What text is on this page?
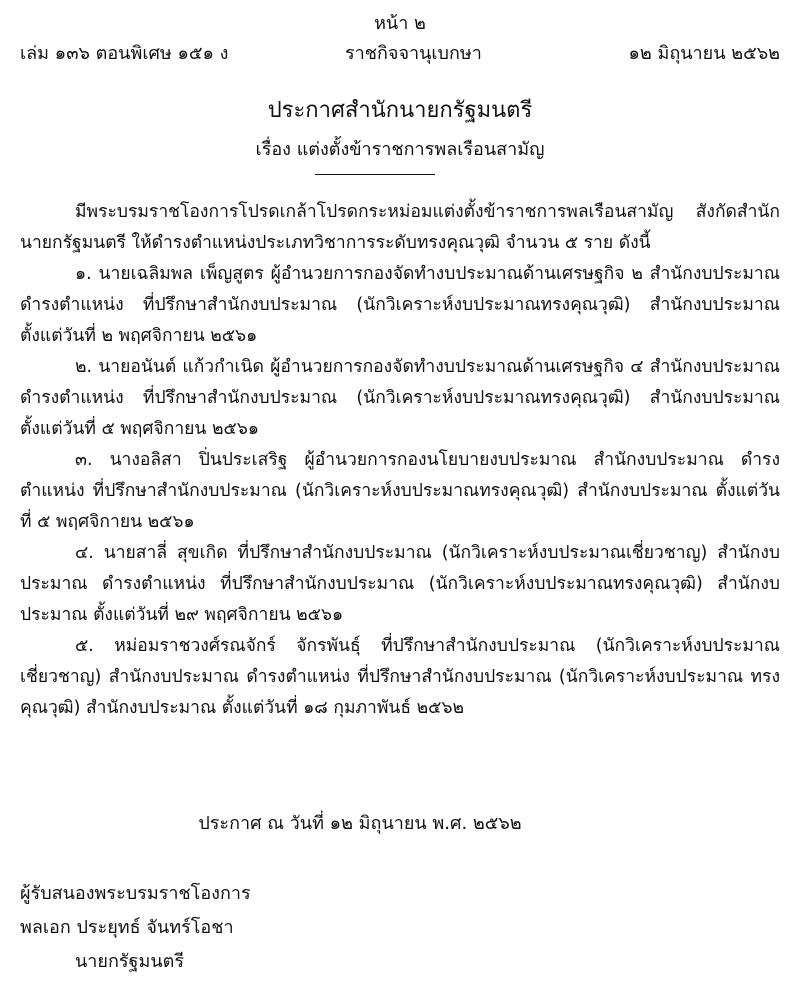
หน้า ๒
เล่ม ๑๓๖ ตอนพิเศษ ๑๕๑ ง	ราชกิจจานุเบกษา	๑๒ มิถุนายน ๒๕๖๒
ประกาศสำนักนายกรัฐมนตรี
เรื่อง แต่งตั้งข้าราชการพลเรือนสามัญ

มีพระบรมราชโองการโปรดเกล้าโปรดกระหม่อมแต่งตั้งข้าราชการพลเรือนสามัญ สังกัดสำนักนายกรัฐมนตรี ให้ดำรงตำแหน่งประเภทวิชาการระดับทรงคุณวุฒิ จำนวน ๕ ราย ดังนี้

๑. นายเฉลิมพล เพ็ญสูตร ผู้อำนวยการกองจัดทำงบประมาณด้านเศรษฐกิจ ๒ สำนักงบประมาณ ดำรงตำแหน่ง ที่ปรึกษาสำนักงบประมาณ (นักวิเคราะห์งบประมาณทรงคุณวุฒิ) สำนักงบประมาณ ตั้งแต่วันที่ ๒ พฤศจิกายน ๒๕๖๑

๒. นายอนันต์ แก้วกำเนิด ผู้อำนวยการกองจัดทำงบประมาณด้านเศรษฐกิจ ๔ สำนักงบประมาณ ดำรงตำแหน่ง ที่ปรึกษาสำนักงบประมาณ (นักวิเคราะห์งบประมาณทรงคุณวุฒิ) สำนักงบประมาณ ตั้งแต่วันที่ ๕ พฤศจิกายน ๒๕๖๑

๓. นางอลิสา ปิ่นประเสริฐ ผู้อำนวยการกองนโยบายงบประมาณ สำนักงบประมาณ ดำรงตำแหน่ง ที่ปรึกษาสำนักงบประมาณ (นักวิเคราะห์งบประมาณทรงคุณวุฒิ) สำนักงบประมาณ ตั้งแต่วันที่ ๕ พฤศจิกายน ๒๕๖๑

๔. นายสาลี่ สุขเกิด ที่ปรึกษาสำนักงบประมาณ (นักวิเคราะห์งบประมาณเชี่ยวชาญ) สำนักงบประมาณ ดำรงตำแหน่ง ที่ปรึกษาสำนักงบประมาณ (นักวิเคราะห์งบประมาณทรงคุณวุฒิ) สำนักงบประมาณ ตั้งแต่วันที่ ๒๙ พฤศจิกายน ๒๕๖๑

๕. หม่อมราชวงศ์รณจักร์ จักรพันธุ์ ที่ปรึกษาสำนักงบประมาณ (นักวิเคราะห์งบประมาณ เชี่ยวชาญ) สำนักงบประมาณ ดำรงตำแหน่ง ที่ปรึกษาสำนักงบประมาณ (นักวิเคราะห์งบประมาณ ทรงคุณวุฒิ) สำนักงบประมาณ ตั้งแต่วันที่ ๑๘ กุมภาพันธ์ ๒๕๖๒

ประกาศ ณ วันที่ ๑๒ มิถุนายน พ.ศ. ๒๕๖๒
ผู้รับสนองพระบรมราชโองการ
พลเอก ประยุทธ์ จันทร์โอชา
นายกรัฐมนตรี
